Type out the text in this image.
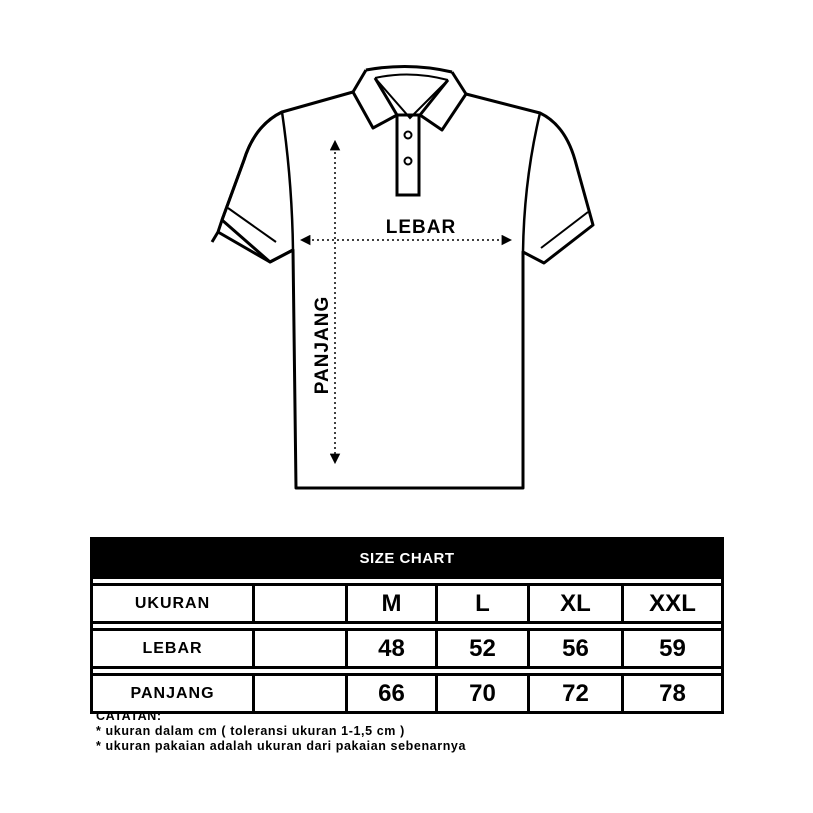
LEBAR
PANJANG
SIZE CHART					

UKURAN		M	L	XL	XXL

LEBAR		48	52	56	59

PANJANG		66	70	72	78
CATATAN:
* ukuran dalam cm ( toleransi ukuran 1-1,5 cm )
* ukuran pakaian adalah ukuran dari pakaian sebenarnya
